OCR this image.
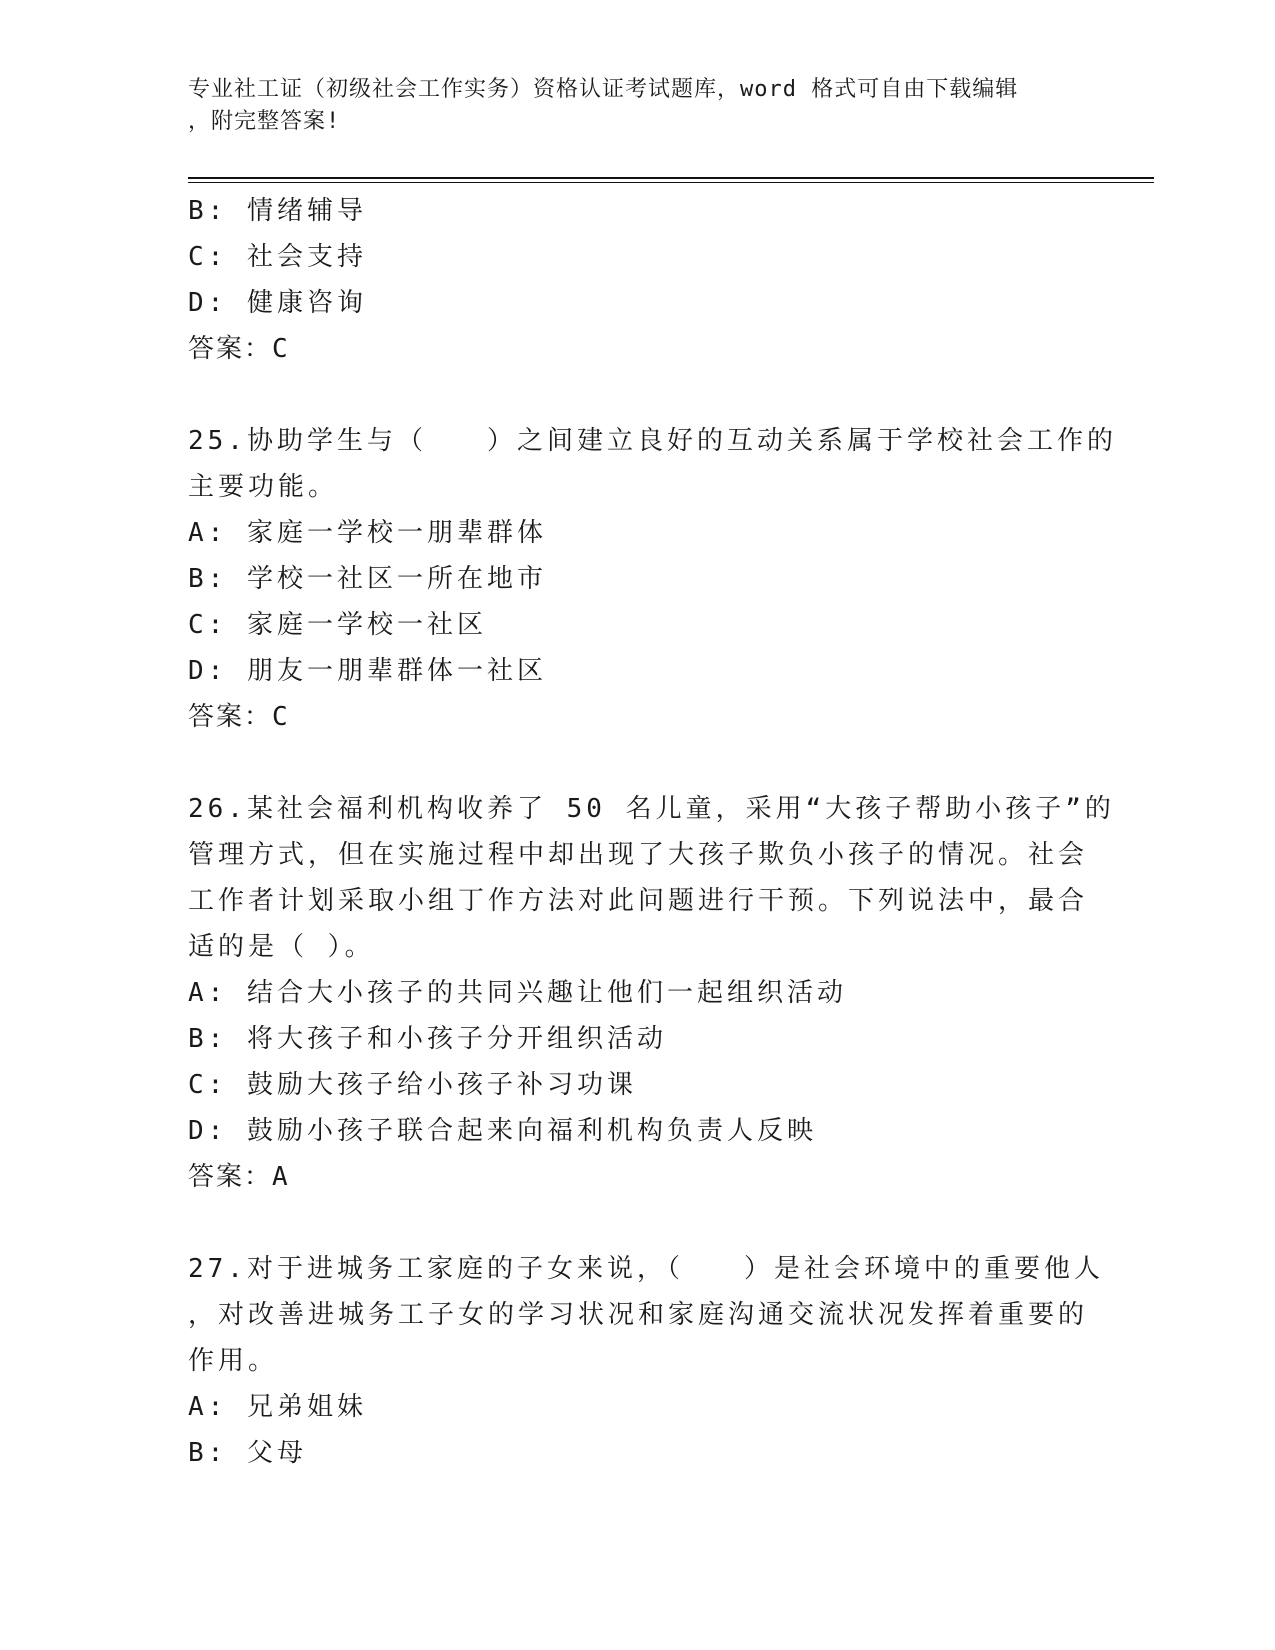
专业社工证（初级社会工作实务）资格认证考试题库，word 格式可自由下载编辑
，附完整答案!
B: 情绪辅导
C: 社会支持
D: 健康咨询
答案：C
25.协助学生与（　　）之间建立良好的互动关系属于学校社会工作的
主要功能。
A: 家庭一学校一朋辈群体
B: 学校一社区一所在地市
C: 家庭一学校一社区
D: 朋友一朋辈群体一社区
答案：C
26.某社会福利机构收养了 50 名儿童，采用“大孩子帮助小孩子”的
管理方式，但在实施过程中却出现了大孩子欺负小孩子的情况。社会
工作者计划采取小组丁作方法对此问题进行干预。下列说法中，最合
适的是（ ）。
A: 结合大小孩子的共同兴趣让他们一起组织活动
B: 将大孩子和小孩子分开组织活动
C: 鼓励大孩子给小孩子补习功课
D: 鼓励小孩子联合起来向福利机构负责人反映
答案：A
27.对于进城务工家庭的子女来说，（　　）是社会环境中的重要他人
，对改善进城务工子女的学习状况和家庭沟通交流状况发挥着重要的
作用。
A: 兄弟姐妹
B: 父母
